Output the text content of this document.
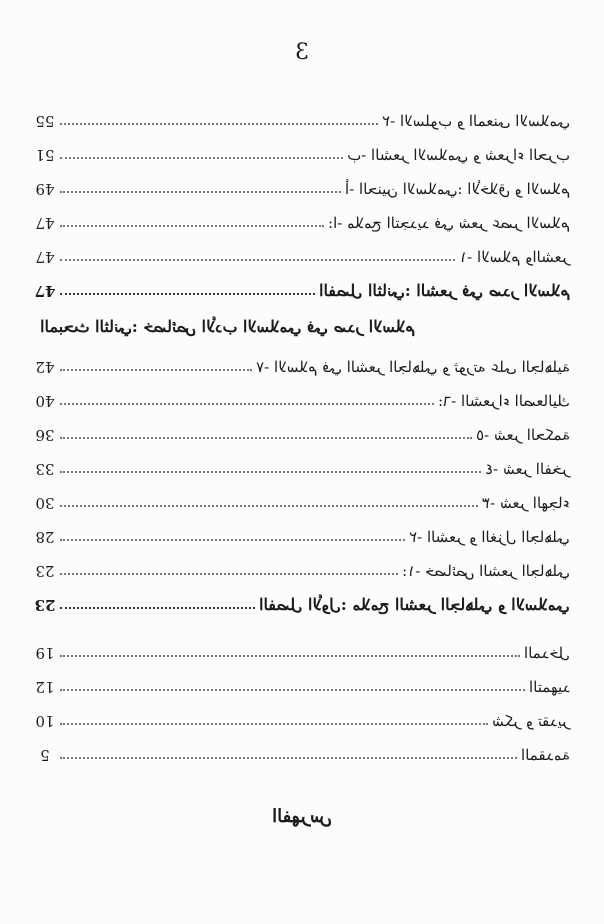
3
55	٢- الاسلوب و المعنى الاسلامي
51	ب- الشعر الاسلامي و شعراء الحرب
49	أ- الحنين الاسلامي: الأخلاق و الاسلام
47	ا- ملامح التجديد في شعر عصر الاسلام:
47	١- الاسلام والشعر
47	الفصل الثاني: الشعر في صدر الاسلام
المبحث الثاني: خصائص الأدب الاسلامي في صدر الاسلام
42	٧- الاسلام في الشعر الجاهلي و ثورته على الجاهلية
40	٦- الشعراء الصعاليك:
36	٥- شعر الحكمة
33	٤- شعر الفخر
30	٣- شعر الهجاء
28	٢- الشعر و الغزل الجاهلي
23	١- خصائص الشعر الجاهلي:
23	الفصل الأول: ملامح الشعر الجاهلي و الاسلامي
19	المدخل
12	التمهيد
10	شكر و تقدير
5	المقدمة
الفهرس
